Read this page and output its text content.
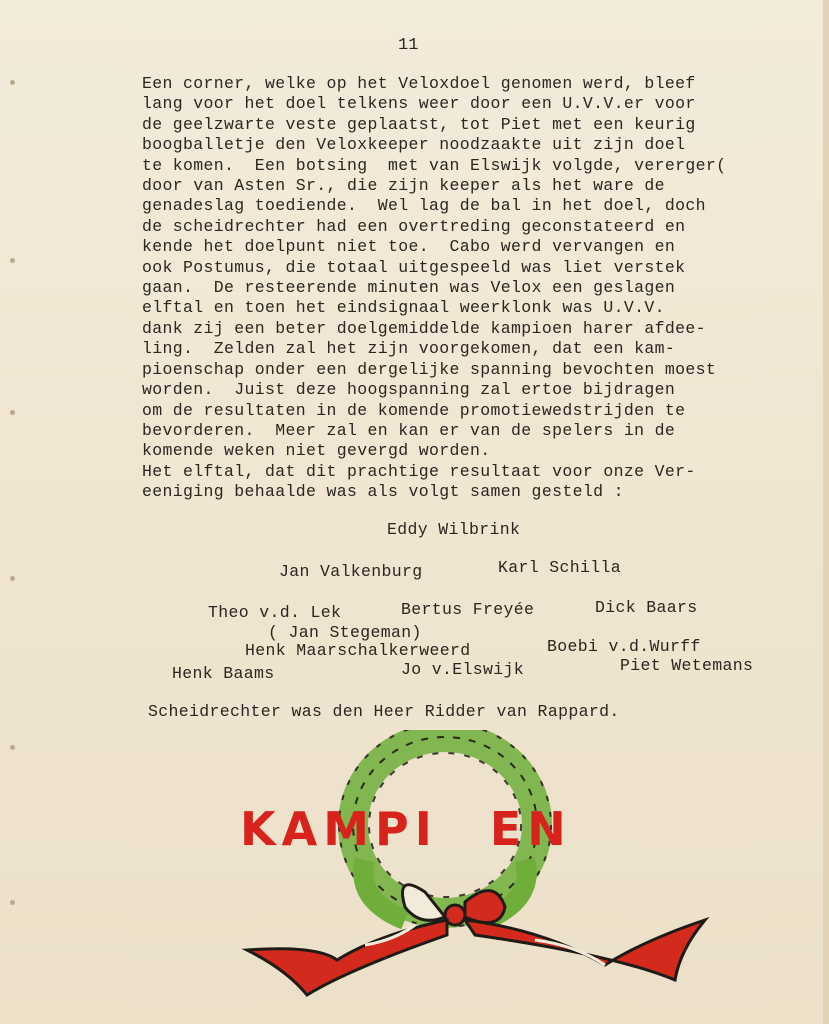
11
Een corner, welke op het Veloxdoel genomen werd, bleef
lang voor het doel telkens weer door een U.V.V.er voor
de geelzwarte veste geplaatst, tot Piet met een keurig
boogballetje den Veloxkeeper noodzaakte uit zijn doel
te komen.  Een botsing  met van Elswijk volgde, vererger(
door van Asten Sr., die zijn keeper als het ware de
genadeslag toediende.  Wel lag de bal in het doel, doch
de scheidrechter had een overtreding geconstateerd en
kende het doelpunt niet toe.  Cabo werd vervangen en
ook Postumus, die totaal uitgespeeld was liet verstek
gaan.  De resteerende minuten was Velox een geslagen
elftal en toen het eindsignaal weerklonk was U.V.V.
dank zij een beter doelgemiddelde kampioen harer afdee-
ling.  Zelden zal het zijn voorgekomen, dat een kam-
pioenschap onder een dergelijke spanning bevochten moest
worden.  Juist deze hoogspanning zal ertoe bijdragen
om de resultaten in de komende promotiewedstrijden te
bevorderen.  Meer zal en kan er van de spelers in de
komende weken niet gevergd worden.
Het elftal, dat dit prachtige resultaat voor onze Ver-
eeniging behaalde was als volgt samen gesteld :
Eddy Wilbrink
Jan Valkenburg	Karl Schilla
Theo v.d. Lek	Bertus Freyée	Dick Baars
( Jan Stegeman)
Henk Maarschalkerweerd	Boebi v.d.Wurff
Henk Baams	Jo v.Elswijk	Piet Wetemans
Scheidrechter was den Heer Ridder van Rappard.
KAMPI EN
